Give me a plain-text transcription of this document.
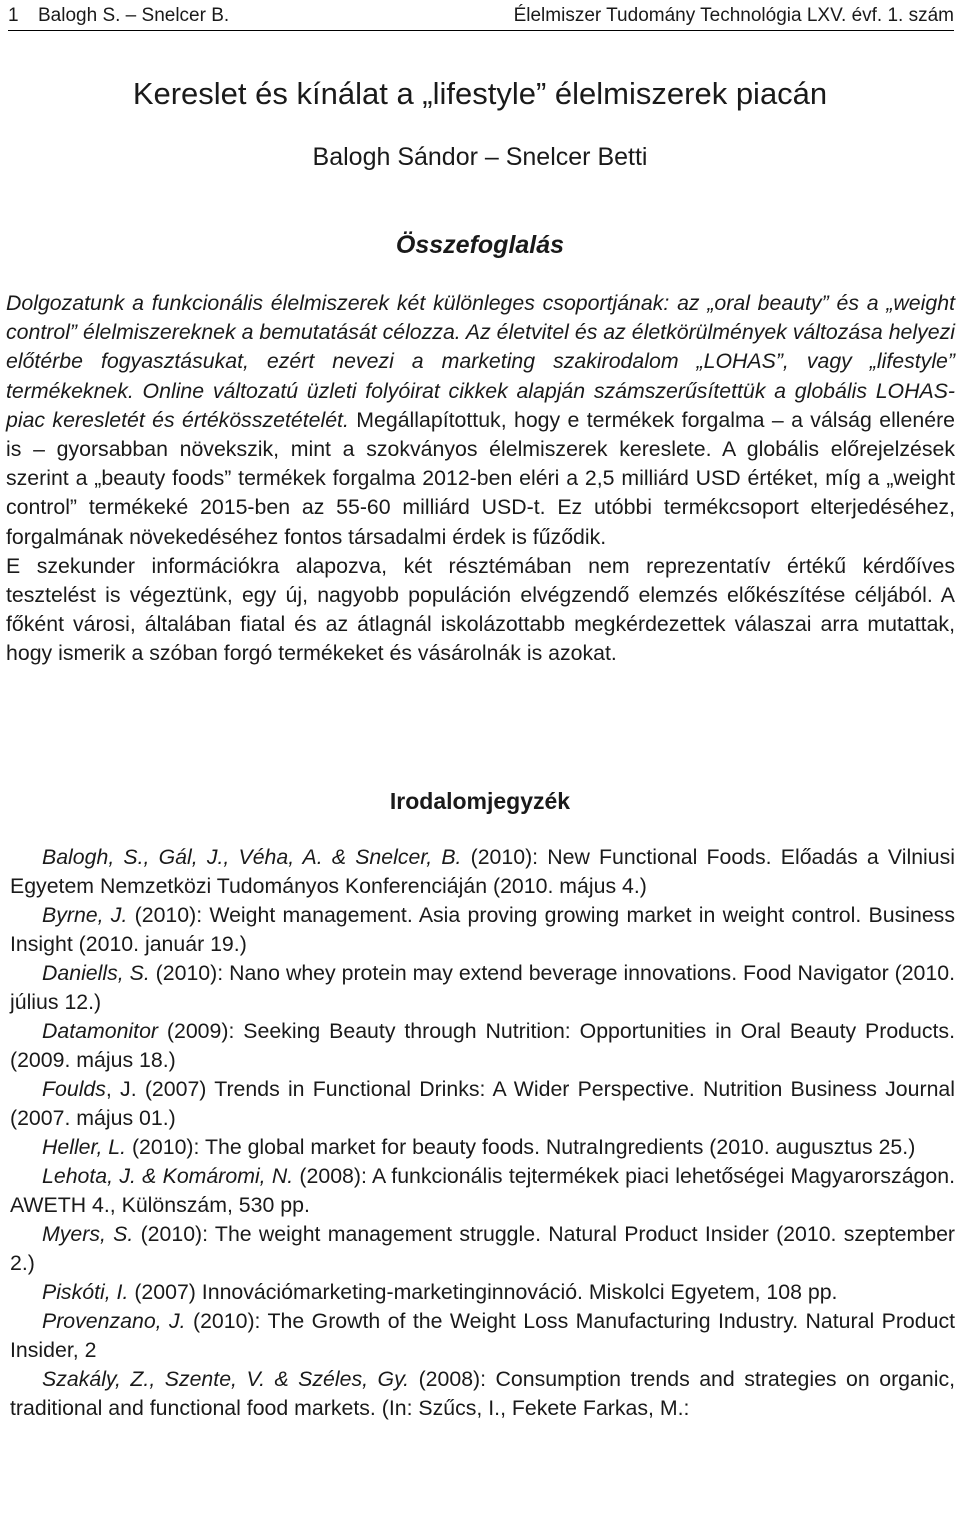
1 Balogh S. – Snelcer B.	Élelmiszer Tudomány Technológia LXV. évf. 1. szám
Kereslet és kínálat a „lifestyle” élelmiszerek piacán
Balogh Sándor – Snelcer Betti
Összefoglalás

Dolgozatunk a funkcionális élelmiszerek két különleges csoportjának: az „oral beauty” és a „weight control” élelmiszereknek a bemutatását célozza. Az életvitel és az életkörülmények változása helyezi előtérbe fogyasztásukat, ezért nevezi a marketing szakirodalom „LOHAS”, vagy „lifestyle” termékeknek. Online változatú üzleti folyóirat cikkek alapján számszerűsítettük a globális LOHAS-piac keresletét és értékösszetételét. Megállapítottuk, hogy e termékek forgalma – a válság ellenére is – gyorsabban növekszik, mint a szokványos élelmiszerek kereslete. A globális előrejelzések szerint a „beauty foods” termékek forgalma 2012-ben eléri a 2,5 milliárd USD értéket, míg a „weight control” termékeké 2015-ben az 55-60 milliárd USD-t. Ez utóbbi termékcsoport elterjedéséhez, forgalmának növekedéséhez fontos társadalmi érdek is fűződik.

E szekunder információkra alapozva, két résztémában nem reprezentatív értékű kérdőíves tesztelést is végeztünk, egy új, nagyobb populáción elvégzendő elemzés előkészítése céljából. A főként városi, általában fiatal és az átlagnál iskolázottabb megkérdezettek válaszai arra mutattak, hogy ismerik a szóban forgó termékeket és vásárolnák is azokat.

Irodalomjegyzék

Balogh, S., Gál, J., Véha, A. & Snelcer, B. (2010): New Functional Foods. Előadás a Vilniusi Egyetem Nemzetközi Tudományos Konferenciáján (2010. május 4.)

Byrne, J. (2010): Weight management. Asia proving growing market in weight control. Business Insight (2010. január 19.)

Daniells, S. (2010): Nano whey protein may extend beverage innovations. Food Navigator (2010. július 12.)

Datamonitor (2009): Seeking Beauty through Nutrition: Opportunities in Oral Beauty Products. (2009. május 18.)

Foulds, J. (2007) Trends in Functional Drinks: A Wider Perspective. Nutrition Business Journal (2007. május 01.)

Heller, L. (2010): The global market for beauty foods. NutraIngredients (2010. augusztus 25.)

Lehota, J. & Komáromi, N. (2008): A funkcionális tejtermékek piaci lehetőségei Magyarországon. AWETH 4., Különszám, 530 pp.

Myers, S. (2010): The weight management struggle. Natural Product Insider (2010. szeptember 2.)

Piskóti, I. (2007) Innovációmarketing-marketinginnováció. Miskolci Egyetem, 108 pp.

Provenzano, J. (2010): The Growth of the Weight Loss Manufacturing Industry. Natural Product Insider, 2

Szakály, Z., Szente, V. & Széles, Gy. (2008): Consumption trends and strategies on organic, traditional and functional food markets. (In: Szűcs, I., Fekete Farkas, M.:
